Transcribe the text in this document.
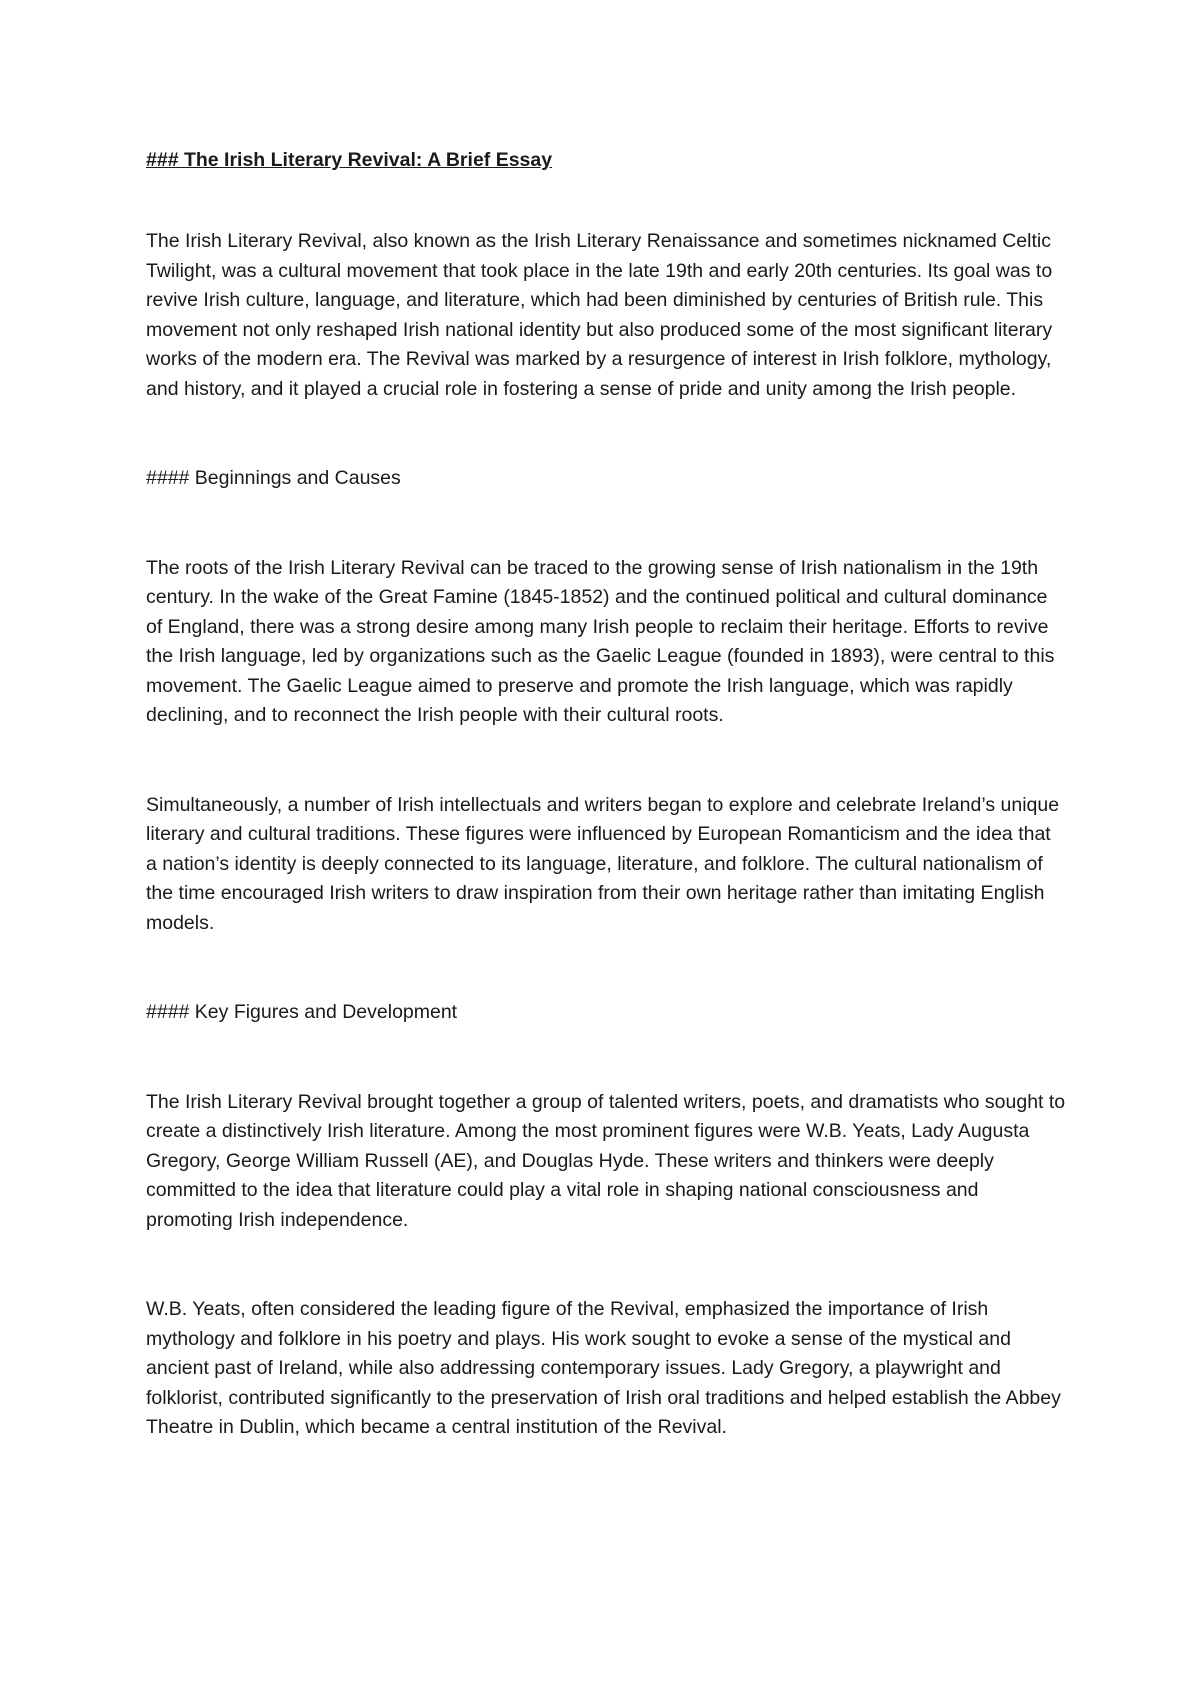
### The Irish Literary Revival: A Brief Essay

The Irish Literary Revival, also known as the Irish Literary Renaissance and sometimes nicknamed Celtic Twilight, was a cultural movement that took place in the late 19th and early 20th centuries. Its goal was to revive Irish culture, language, and literature, which had been diminished by centuries of British rule. This movement not only reshaped Irish national identity but also produced some of the most significant literary works of the modern era. The Revival was marked by a resurgence of interest in Irish folklore, mythology, and history, and it played a crucial role in fostering a sense of pride and unity among the Irish people.

#### Beginnings and Causes

The roots of the Irish Literary Revival can be traced to the growing sense of Irish nationalism in the 19th century. In the wake of the Great Famine (1845-1852) and the continued political and cultural dominance of England, there was a strong desire among many Irish people to reclaim their heritage. Efforts to revive the Irish language, led by organizations such as the Gaelic League (founded in 1893), were central to this movement. The Gaelic League aimed to preserve and promote the Irish language, which was rapidly declining, and to reconnect the Irish people with their cultural roots.

Simultaneously, a number of Irish intellectuals and writers began to explore and celebrate Ireland’s unique literary and cultural traditions. These figures were influenced by European Romanticism and the idea that a nation’s identity is deeply connected to its language, literature, and folklore. The cultural nationalism of the time encouraged Irish writers to draw inspiration from their own heritage rather than imitating English models.

#### Key Figures and Development

The Irish Literary Revival brought together a group of talented writers, poets, and dramatists who sought to create a distinctively Irish literature. Among the most prominent figures were W.B. Yeats, Lady Augusta Gregory, George William Russell (AE), and Douglas Hyde. These writers and thinkers were deeply committed to the idea that literature could play a vital role in shaping national consciousness and promoting Irish independence.

W.B. Yeats, often considered the leading figure of the Revival, emphasized the importance of Irish mythology and folklore in his poetry and plays. His work sought to evoke a sense of the mystical and ancient past of Ireland, while also addressing contemporary issues. Lady Gregory, a playwright and folklorist, contributed significantly to the preservation of Irish oral traditions and helped establish the Abbey Theatre in Dublin, which became a central institution of the Revival.
